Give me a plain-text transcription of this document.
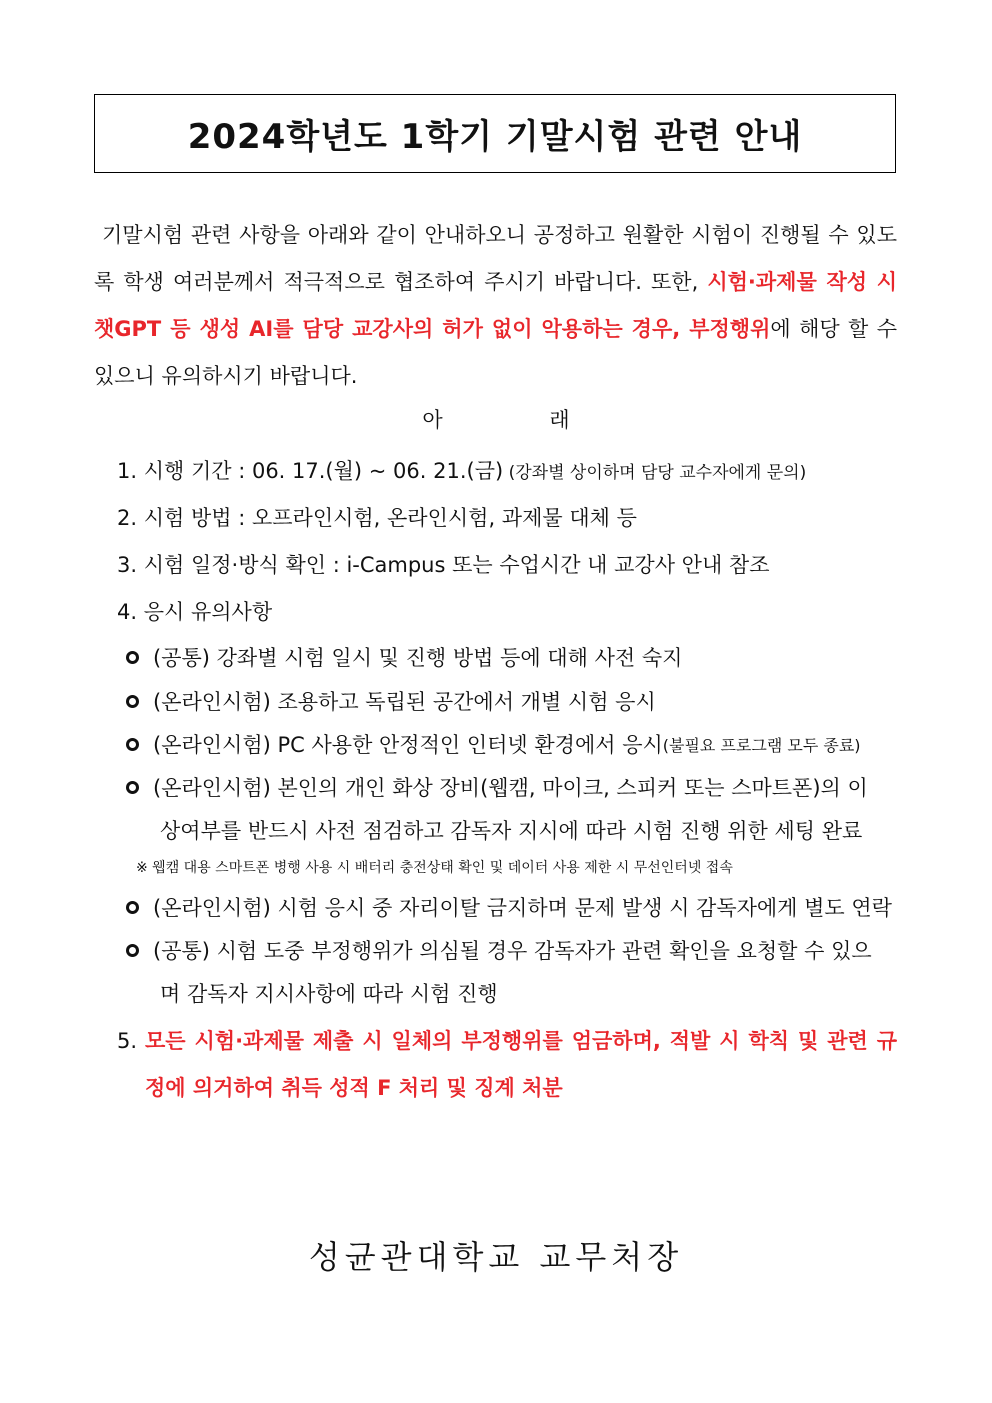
2024학년도 1학기 기말시험 관련 안내

기말시험 관련 사항을 아래와 같이 안내하오니 공정하고 원활한 시험이 진행될 수 있도록 학생 여러분께서 적극적으로 협조하여 주시기 바랍니다. 또한, 시험·과제물 작성 시 챗GPT 등 생성 AI를 담당 교강사의 허가 없이 악용하는 경우, 부정행위에 해당 할 수 있으니 유의하시기 바랍니다.

아 래
1. 시행 기간 : 06. 17.(월) ~ 06. 21.(금) (강좌별 상이하며 담당 교수자에게 문의)
2. 시험 방법 : 오프라인시험, 온라인시험, 과제물 대체 등
3. 시험 일정·방식 확인 : i-Campus 또는 수업시간 내 교강사 안내 참조
4. 응시 유의사항
(공통) 강좌별 시험 일시 및 진행 방법 등에 대해 사전 숙지
(온라인시험) 조용하고 독립된 공간에서 개별 시험 응시
(온라인시험) PC 사용한 안정적인 인터넷 환경에서 응시 (불필요 프로그램 모두 종료)
(온라인시험) 본인의 개인 화상 장비(웹캠, 마이크, 스피커 또는 스마트폰)의 이
상여부를 반드시 사전 점검하고 감독자 지시에 따라 시험 진행 위한 세팅 완료
※ 웹캠 대용 스마트폰 병행 사용 시 배터리 충전상태 확인 및 데이터 사용 제한 시 무선인터넷 접속
(온라인시험) 시험 응시 중 자리이탈 금지하며 문제 발생 시 감독자에게 별도 연락
(공통) 시험 도중 부정행위가 의심될 경우 감독자가 관련 확인을 요청할 수 있으
며 감독자 지시사항에 따라 시험 진행
5. 모든 시험·과제물 제출 시 일체의 부정행위를 엄금하며, 적발 시 학칙 및 관련 규정에 의거하여 취득 성적 F 처리 및 징계 처분
성균관대학교 교무처장
